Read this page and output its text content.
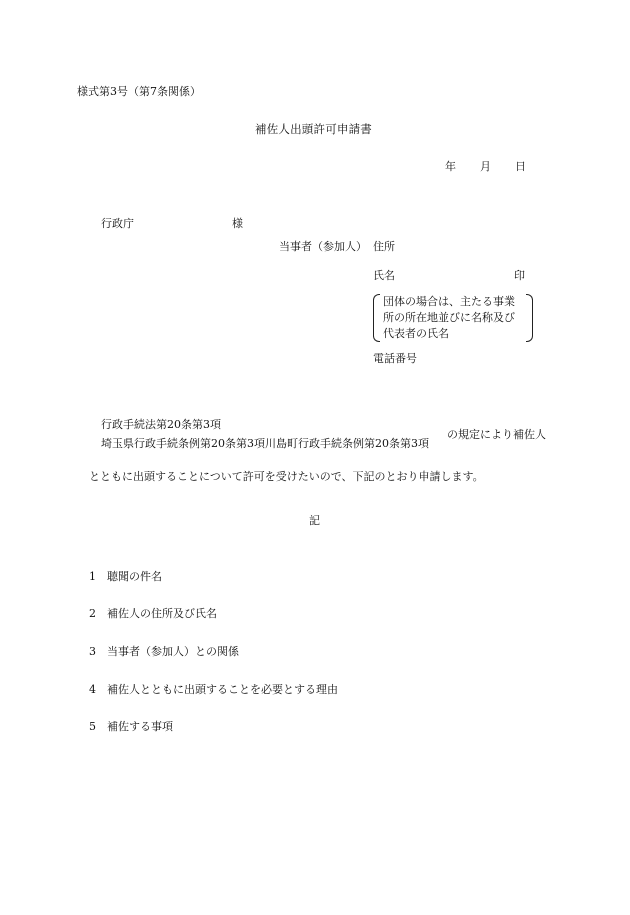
様式第3号（第7条関係）
補佐人出頭許可申請書
年 月 日
行政庁	様
当事者（参加人） 住所
氏名	印
団体の場合は、主たる事業
所の所在地並びに名称及び
代表者の氏名
電話番号
行政手続法第20条第3項
埼玉県行政手続条例第20条第3項川島町行政手続条例第20条第3項
の規定により補佐人
とともに出頭することについて許可を受けたいので、下記のとおり申請します。
記
1 聴聞の件名
2 補佐人の住所及び氏名
3 当事者（参加人）との関係
4 補佐人とともに出頭することを必要とする理由
5 補佐する事項
